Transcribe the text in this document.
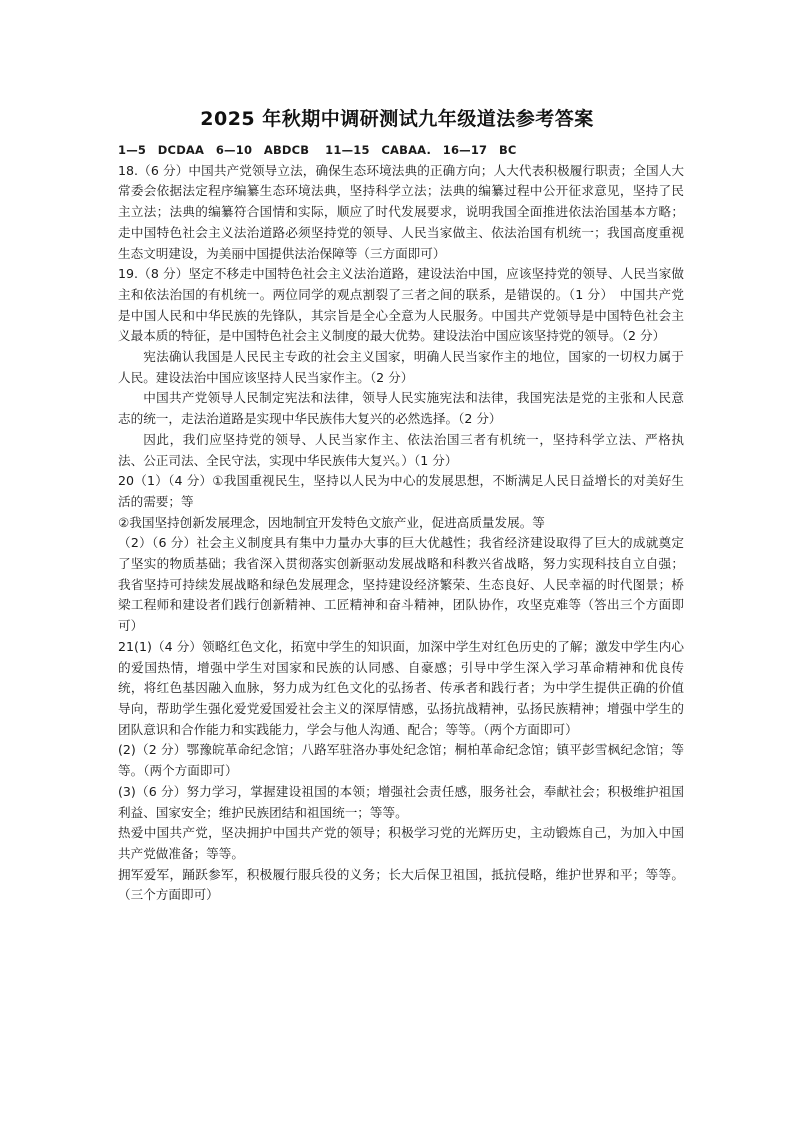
2025 年秋期中调研测试九年级道法参考答案

1—5　DCDAA　6—10　ABDCB　 11—15　CABAA.　16—17　BC

18.（6 分）中国共产党领导立法，确保生态环境法典的正确方向；人大代表积极履行职责；全国人大常委会依据法定程序编纂生态环境法典，坚持科学立法；法典的编纂过程中公开征求意见，坚持了民主立法；法典的编纂符合国情和实际，顺应了时代发展要求，说明我国全面推进依法治国基本方略；走中国特色社会主义法治道路必须坚持党的领导、人民当家做主、依法治国有机统一；我国高度重视生态文明建设，为美丽中国提供法治保障等（三方面即可）

19.（8 分）坚定不移走中国特色社会主义法治道路，建设法治中国，应该坚持党的领导、人民当家做主和依法治国的有机统一。两位同学的观点割裂了三者之间的联系，是错误的。（1 分）　中国共产党是中国人民和中华民族的先锋队，其宗旨是全心全意为人民服务。中国共产党领导是中国特色社会主义最本质的特征，是中国特色社会主义制度的最大优势。建设法治中国应该坚持党的领导。（2 分）

宪法确认我国是人民民主专政的社会主义国家，明确人民当家作主的地位，国家的一切权力属于人民。建设法治中国应该坚持人民当家作主。（2 分）

中国共产党领导人民制定宪法和法律，领导人民实施宪法和法律，我国宪法是党的主张和人民意志的统一，走法治道路是实现中华民族伟大复兴的必然选择。（2 分）

因此，我们应坚持党的领导、人民当家作主、依法治国三者有机统一，坚持科学立法、严格执法、公正司法、全民守法，实现中华民族伟大复兴。）（1 分）

20（1）（4 分）①我国重视民生，坚持以人民为中心的发展思想，不断满足人民日益增长的对美好生活的需要；等

②我国坚持创新发展理念，因地制宜开发特色文旅产业，促进高质量发展。等

（2）（6 分）社会主义制度具有集中力量办大事的巨大优越性；我省经济建设取得了巨大的成就奠定了坚实的物质基础；我省深入贯彻落实创新驱动发展战略和科教兴省战略，努力实现科技自立自强；我省坚持可持续发展战略和绿色发展理念，坚持建设经济繁荣、生态良好、人民幸福的时代图景；桥梁工程师和建设者们践行创新精神、工匠精神和奋斗精神，团队协作，攻坚克难等（答出三个方面即可）

21(1)（4 分）领略红色文化，拓宽中学生的知识面，加深中学生对红色历史的了解；激发中学生内心的爱国热情，增强中学生对国家和民族的认同感、自豪感；引导中学生深入学习革命精神和优良传统，将红色基因融入血脉，努力成为红色文化的弘扬者、传承者和践行者；为中学生提供正确的价值导向，帮助学生强化爱党爱国爱社会主义的深厚情感，弘扬抗战精神，弘扬民族精神；增强中学生的团队意识和合作能力和实践能力，学会与他人沟通、配合；等等。（两个方面即可）

(2)（2 分）鄂豫皖革命纪念馆；八路军驻洛办事处纪念馆；桐柏革命纪念馆；镇平彭雪枫纪念馆；等等。（两个方面即可）

(3)（6 分）努力学习，掌握建设祖国的本领；增强社会责任感，服务社会，奉献社会；积极维护祖国利益、国家安全；维护民族团结和祖国统一；等等。

热爱中国共产党，坚决拥护中国共产党的领导；积极学习党的光辉历史，主动锻炼自己，为加入中国共产党做准备；等等。

拥军爱军，踊跃参军，积极履行服兵役的义务；长大后保卫祖国，抵抗侵略，维护世界和平；等等。（三个方面即可）
